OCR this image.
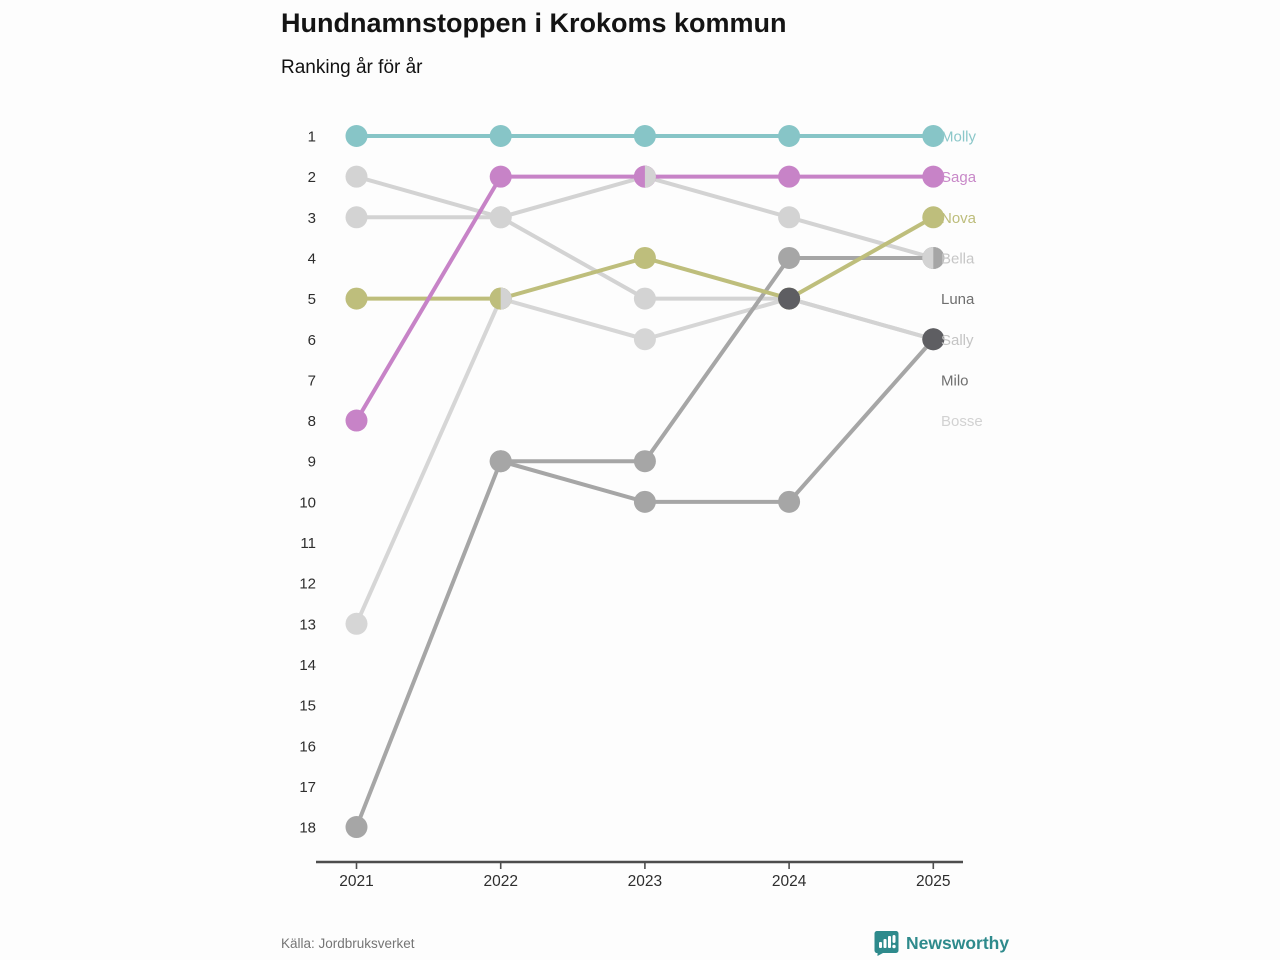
Hundnamnstoppen i Krokoms kommun
Ranking år för år
1
2
3
4
5
6
7
8
9
10
11
12
13
14
15
16
17
18
2021	2022	2023	2024	2025
Molly
Saga
Nova
Bella
Luna
Sally
Milo
Bosse
Källa: Jordbruksverket	Newsworthy
